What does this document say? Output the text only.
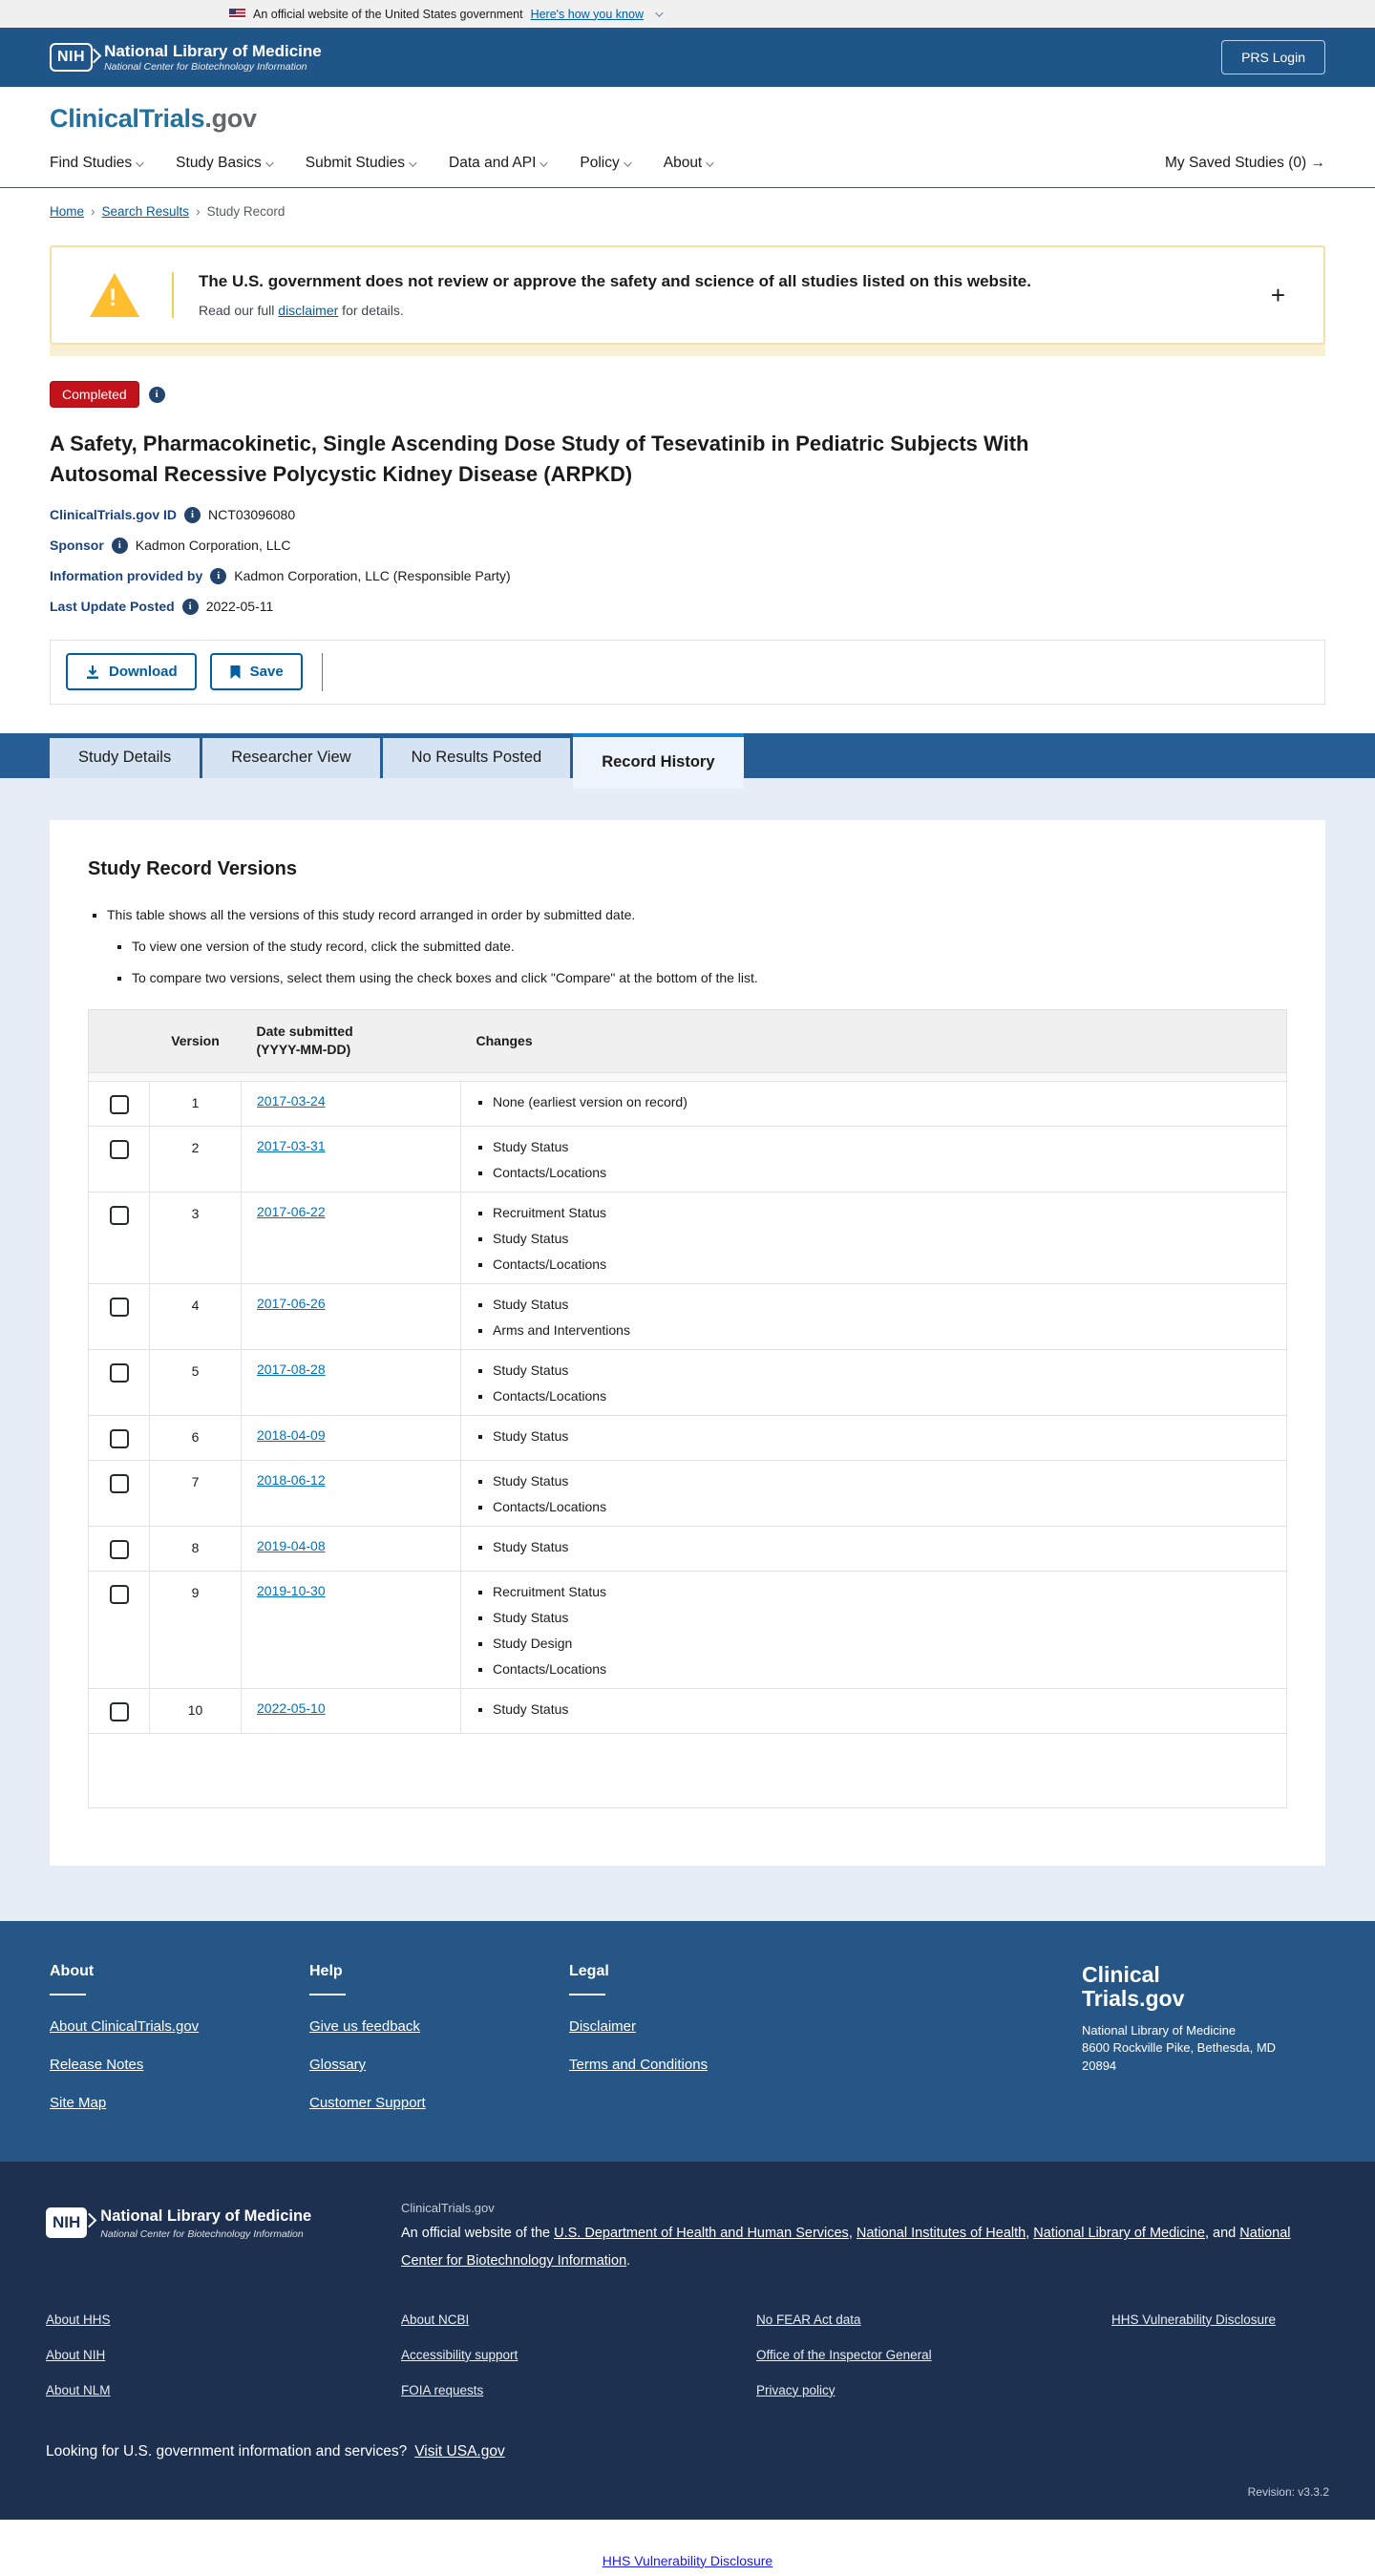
An official website of the United States government Here's how you know
NIH	National Library of Medicine
National Center for Biotechnology Information
PRS Login
ClinicalTrials.gov
Find Studies	Study Basics	Submit Studies	Data and API	Policy	About	My Saved Studies (0) →
Home › Search Results › Study Record
!
The U.S. government does not review or approve the safety and science of all studies listed on this website.
Read our full disclaimer for details.
+
Completed
i
A Safety, Pharmacokinetic, Single Ascending Dose Study of Tesevatinib in Pediatric Subjects With Autosomal Recessive Polycystic Kidney Disease (ARPKD)
ClinicalTrials.gov ID i NCT03096080
Sponsor i Kadmon Corporation, LLC
Information provided by i Kadmon Corporation, LLC (Responsible Party)
Last Update Posted i 2022-05-11
Download	Save
Study Details	Researcher View	No Results Posted	Record History
Study Record Versions
▪ This table shows all the versions of this study record arranged in order by submitted date.
▪ To view one version of the study record, click the submitted date.
▪ To compare two versions, select them using the check boxes and click "Compare" at the bottom of the list.
	Version	Date submitted
(YYYY-MM-DD)	Changes

	1	2017-03-24	
▪None (earliest version on record)

	2	2017-03-31	
▪Study Status
▪ Contacts/Locations

	3	2017-06-22	
▪Recruitment Status
▪ Study Status
▪ Contacts/Locations

	4	2017-06-26	
▪Study Status
▪ Arms and Interventions

	5	2017-08-28	
▪Study Status
▪ Contacts/Locations

	6	2018-04-09	
▪Study Status

	7	2018-06-12	
▪Study Status
▪ Contacts/Locations

	8	2019-04-08	
▪Study Status

	9	2019-10-30	
▪Recruitment Status
▪ Study Status
▪ Study Design
▪ Contacts/Locations

	10	2022-05-10	
▪Study Status

About
About ClinicalTrials.gov
Release Notes
Site Map
Help
Give us feedback
Glossary
Customer Support
Legal
Disclaimer
Terms and Conditions
Clinical
Trials.gov
National Library of Medicine
8600 Rockville Pike, Bethesda, MD
20894
NIH	National Library of Medicine
National Center for Biotechnology Information
ClinicalTrials.gov
An official website of the U.S. Department of Health and Human Services, National Institutes of Health, National Library of Medicine, and National Center for Biotechnology Information.
About HHS
About NIH
About NLM
About NCBI
Accessibility support
FOIA requests
No FEAR Act data
Office of the Inspector General
Privacy policy
HHS Vulnerability Disclosure
Looking for U.S. government information and services? Visit USA.gov
Revision: v3.3.2
HHS Vulnerability Disclosure
